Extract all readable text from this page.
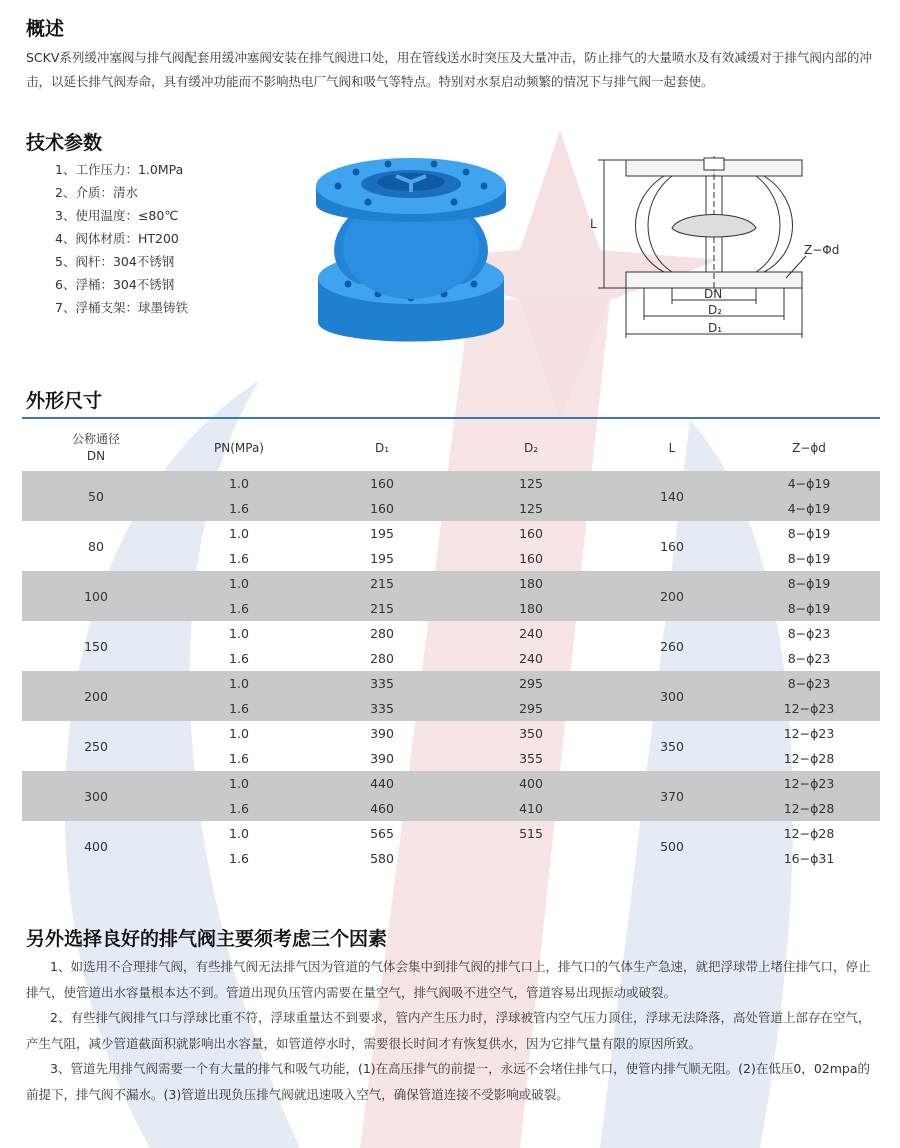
概述

SCKV系列缓冲塞阀与排气阀配套用缓冲塞阀安装在排气阀进口处，用在管线送水时突压及大量冲击，防止排气的大量喷水及有效减缓对于排气阀内部的冲击，以延长排气阀寿命，具有缓冲功能而不影响热电厂气阀和吸气等特点。特别对水泵启动频繁的情况下与排气阀一起套使。

技术参数
1、工作压力：1.0MPa
2、介质：清水
3、使用温度：≤80℃
4、阀体材质：HT200
5、阀杆：304不锈钢
6、浮桶：304不锈钢
7、浮桶支架：球墨铸铁
L
Z−Φd
DN
D₂
D₁
外形尺寸
公称通径
DN	PN(MPa)	D₁	D₂	L	Z−ϕd
50	1.0	160	125	140	4−ϕ19
	1.6	160	125		4−ϕ19
80	1.0	195	160	160	8−ϕ19
	1.6	195	160		8−ϕ19
100	1.0	215	180	200	8−ϕ19
	1.6	215	180		8−ϕ19
150	1.0	280	240	260	8−ϕ23
	1.6	280	240		8−ϕ23
200	1.0	335	295	300	8−ϕ23
	1.6	335	295		12−ϕ23
250	1.0	390	350	350	12−ϕ23
	1.6	390	355		12−ϕ28
300	1.0	440	400	370	12−ϕ23
	1.6	460	410		12−ϕ28
400	1.0	565	515	500	12−ϕ28
	1.6	580			16−ϕ31
另外选择良好的排气阀主要须考虑三个因素

1、如选用不合理排气阀，有些排气阀无法排气因为管道的气体会集中到排气阀的排气口上，排气口的气体生产急速，就把浮球带上堵住排气口，停止排气，使管道出水容量根本达不到。管道出现负压管内需要在量空气，排气阀吸不进空气，管道容易出现振动或破裂。

2、有些排气阀排气口与浮球比重不符，浮球重量达不到要求，管内产生压力时，浮球被管内空气压力顶住，浮球无法降落，高处管道上部存在空气，产生气阻，减少管道截面积就影响出水容量，如管道停水时，需要很长时间才有恢复供水，因为它排气量有限的原因所致。

3、管道先用排气阀需要一个有大量的排气和吸气功能，(1)在高压排气的前提一，永远不会堵住排气口，使管内排气顺无阻。(2)在低压0，02mpa的前提下，排气阀不漏水。(3)管道出现负压排气阀就迅速吸入空气，确保管道连接不受影响或破裂。
